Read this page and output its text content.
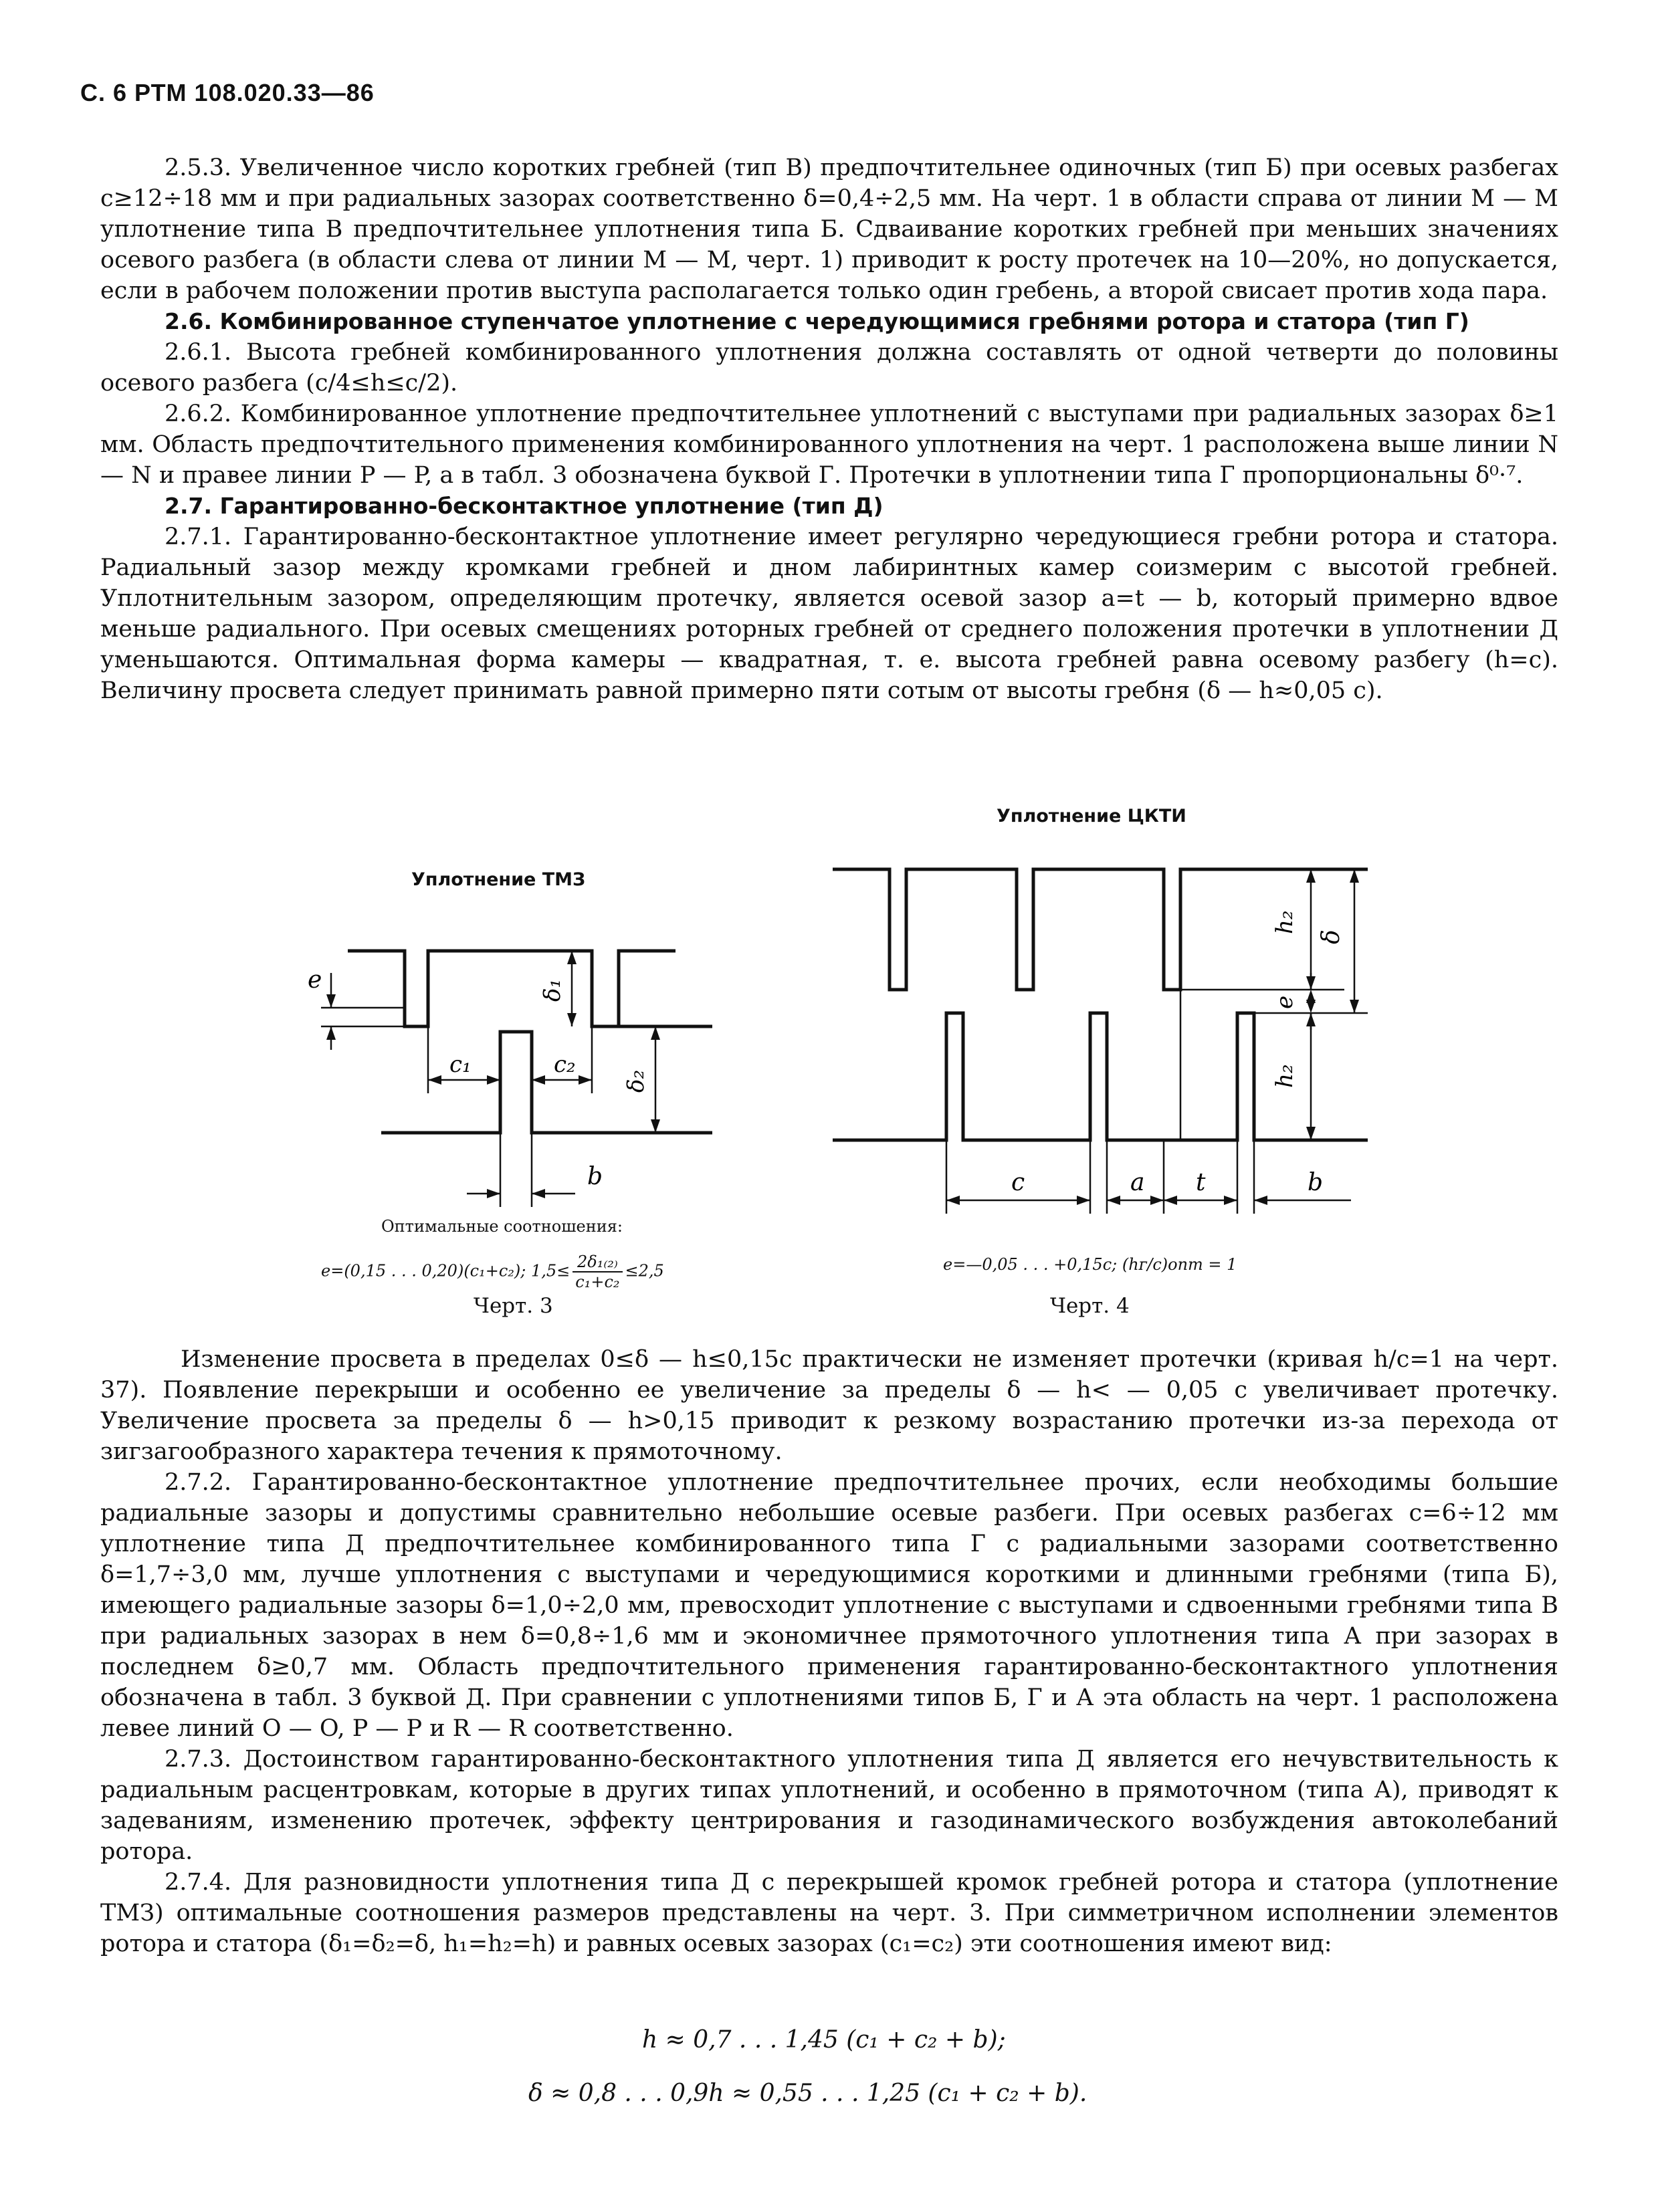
С. 6 РТМ 108.020.33—86

2.5.3. Увеличенное число коротких гребней (тип В) предпочтительнее одиночных (тип Б) при осевых разбегах c≥12÷18 мм и при радиальных зазорах соответственно δ=0,4÷2,5 мм. На черт. 1 в области справа от линии M — M уплотнение типа В предпочтительнее уплотнения типа Б. Сдваивание коротких гребней при меньших значениях осевого разбега (в области слева от линии M — M, черт. 1) приводит к росту протечек на 10—20%, но допускается, если в рабочем положении против выступа располагается только один гребень, а второй свисает против хода пара.

2.6. Комбинированное ступенчатое уплотнение с чередующимися гребнями ротора и статора (тип Г)

2.6.1. Высота гребней комбинированного уплотнения должна составлять от одной четверти до половины осевого разбега (c/4≤h≤c/2).

2.6.2. Комбинированное уплотнение предпочтительнее уплотнений с выступами при радиальных зазорах δ≥1 мм. Область предпочтительного применения комбинированного уплотнения на черт. 1 расположена выше линии N — N и правее линии P — P, а в табл. 3 обозначена буквой Г. Протечки в уплотнении типа Г пропорциональны δ⁰·⁷.

2.7. Гарантированно-бесконтактное уплотнение (тип Д)

2.7.1. Гарантированно-бесконтактное уплотнение имеет регулярно чередующиеся гребни ротора и статора. Радиальный зазор между кромками гребней и дном лабиринтных камер соизмерим с высотой гребней. Уплотнительным зазором, определяющим протечку, является осевой зазор a=t — b, который примерно вдвое меньше радиального. При осевых смещениях роторных гребней от среднего положения протечки в уплотнении Д уменьшаются. Оптимальная форма камеры — квадратная, т. е. высота гребней равна осевому разбегу (h=c). Величину просвета следует принимать равной примерно пяти сотым от высоты гребня (δ — h≈0,05 c).

Уплотнение ТМЗ
e	δ₁
c₁	c₂
δ₂
b
Оптимальные соотношения:
e=(0,15 . . . 0,20)(c₁+c₂); $1,5\le \frac{\text{2δ₁₍₂₎}}{\text{c₁+c₂}} \le 2,5$
Черт. 3
Уплотнение ЦКТИ
h₂
δ
e
h₂
c	a t	b
e=—0,05 . . . +0,15c; (hᴦ/c)опт = 1
Черт. 4

Изменение просвета в пределах 0≤δ — h≤0,15c практически не изменяет протечки (кривая h/c=1 на черт. 37). Появление перекрыши и особенно ее увеличение за пределы δ — h< — 0,05 c увеличивает протечку. Увеличение просвета за пределы δ — h>0,15 приводит к резкому возрастанию протечки из-за перехода от зигзагообразного характера течения к прямоточному.

2.7.2. Гарантированно-бесконтактное уплотнение предпочтительнее прочих, если необходимы большие радиальные зазоры и допустимы сравнительно небольшие осевые разбеги. При осевых разбегах c=6÷12 мм уплотнение типа Д предпочтительнее комбинированного типа Г с радиальными зазорами соответственно δ=1,7÷3,0 мм, лучше уплотнения с выступами и чередующимися короткими и длинными гребнями (типа Б), имеющего радиальные зазоры δ=1,0÷2,0 мм, превосходит уплотнение с выступами и сдвоенными гребнями типа В при радиальных зазорах в нем δ=0,8÷1,6 мм и экономичнее прямоточного уплотнения типа А при зазорах в последнем δ≥0,7 мм. Область предпочтительного применения гарантированно-бесконтактного уплотнения обозначена в табл. 3 буквой Д. При сравнении с уплотнениями типов Б, Г и А эта область на черт. 1 расположена левее линий O — O, P — P и R — R соответственно.

2.7.3. Достоинством гарантированно-бесконтактного уплотнения типа Д является его нечувствительность к радиальным расцентровкам, которые в других типах уплотнений, и особенно в прямоточном (типа А), приводят к задеваниям, изменению протечек, эффекту центрирования и газодинамического возбуждения автоколебаний ротора.

2.7.4. Для разновидности уплотнения типа Д с перекрышей кромок гребней ротора и статора (уплотнение ТМЗ) оптимальные соотношения размеров представлены на черт. 3. При симметричном исполнении элементов ротора и статора (δ₁=δ₂=δ, h₁=h₂=h) и равных осевых зазорах (c₁=c₂) эти соотношения имеют вид:

h ≈ 0,7 . . . 1,45 (c₁ + c₂ + b);
δ ≈ 0,8 . . . 0,9h ≈ 0,55 . . . 1,25 (c₁ + c₂ + b).
